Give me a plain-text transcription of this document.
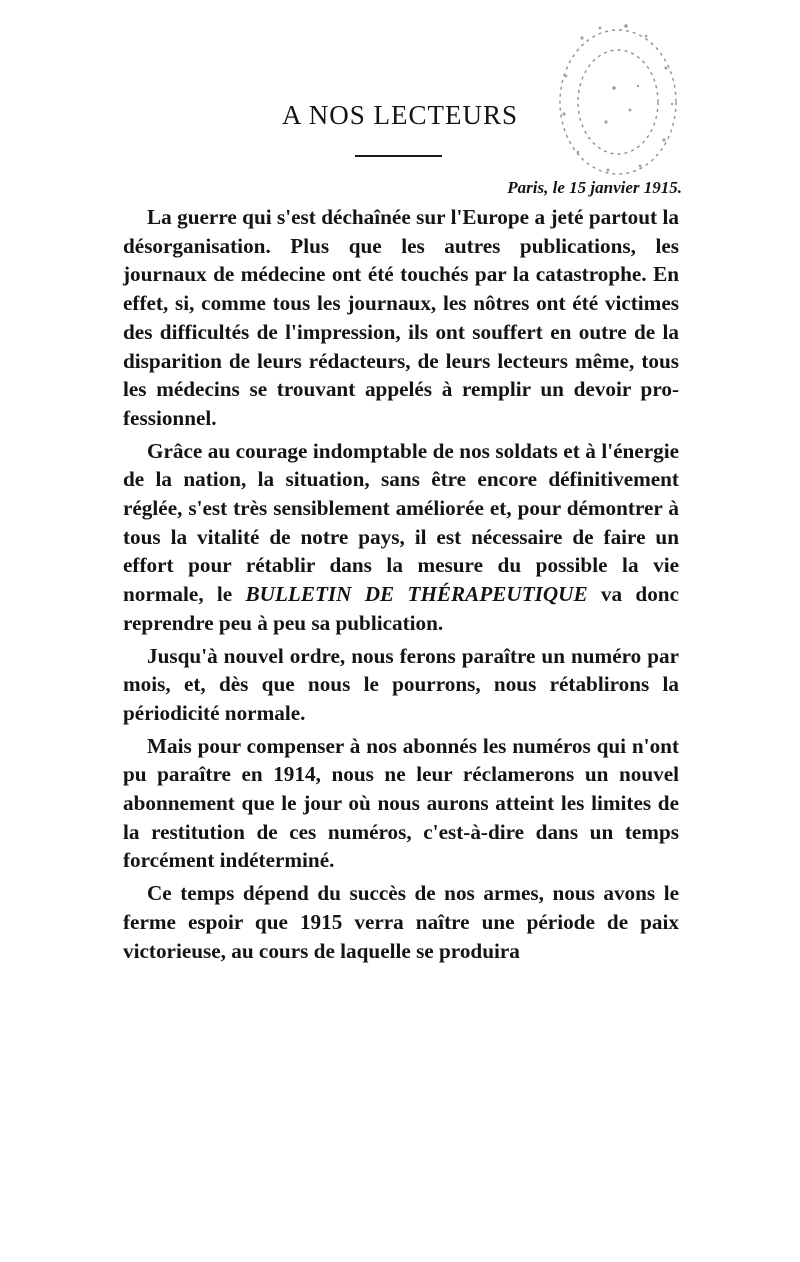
A NOS LECTEURS
Paris, le 15 janvier 1915.

La guerre qui s'est déchaînée sur l'Europe a jeté partout la désorganisation. Plus que les autres publications, les journaux de médecine ont été touchés par la catastrophe. En effet, si, comme tous les journaux, les nôtres ont été victimes des difficultés de l'impression, ils ont souffert en outre de la disparition de leurs rédacteurs, de leurs lecteurs même, tous les médecins se trouvant appelés à remplir un devoir professionnel.

Grâce au courage indomptable de nos soldats et à l'énergie de la nation, la situation, sans être encore définitivement réglée, s'est très sensiblement améliorée et, pour démontrer à tous la vitalité de notre pays, il est nécessaire de faire un effort pour rétablir dans la mesure du possible la vie normale, le BULLETIN DE THÉRAPEUTIQUE va donc reprendre peu à peu sa publication.

Jusqu'à nouvel ordre, nous ferons paraître un numéro par mois, et, dès que nous le pourrons, nous rétablirons la périodicité normale.

Mais pour compenser à nos abonnés les numéros qui n'ont pu paraître en 1914, nous ne leur réclamerons un nouvel abonnement que le jour où nous aurons atteint les limites de la restitution de ces numéros, c'est-à-dire dans un temps forcément indéterminé.

Ce temps dépend du succès de nos armes, nous avons le ferme espoir que 1915 verra naître une période de paix victorieuse, au cours de laquelle se produira
